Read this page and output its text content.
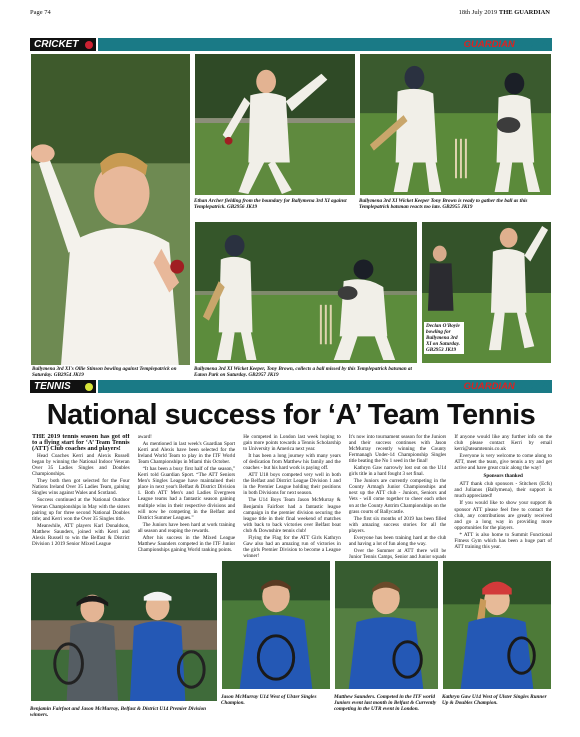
Page 74	18th July 2019 THE GUARDIAN
CRICKET	GUARDIAN SPORT
Ballymena 3rd XI's Ollie Stinson bowling against Templepatrick on Saturday. GB2954 JK19
Ethan Archer fielding from the boundary for Ballymena 3rd XI against Templepatrick. GB2956 JK19
Ballymena 3rd XI Wicket Keeper Tony Brown is ready to gather the ball as this Templepatrick batsman reacts too late. GB2955 JK19
Ballymena 3rd XI Wicket Keeper, Tony Brown, collects a ball missed by this Templepatrick batsman at Eaton Park on Saturday. GB2957 JK19
Declan O'Boyle bowling for Ballymena 3rd XI on Saturday. GB2953 JK19
TENNIS	GUARDIAN SPORT
National success for ‘A’ Team Tennis

THE 2019 tennis season has got off to a flying start for ‘A’ Team Tennis (ATT) Club coaches and players!

Head Coaches Kerri and Alexis Russell began by winning the National Indoor Veteran Over 35 Ladies Singles and Doubles Championships.

They both then got selected for the Four Nations Ireland Over 35 Ladies Team, gaining Singles wins against Wales and Scotland.

Success continued at the National Outdoor Veteran Championships in May with the sisters pairing up for three second National Doubles title; and Kerri won the Over 35 Singles title.

Meanwhile, ATT players Karl Donaldson, Matthew Saunders, joined with Kerri and Alexis Russell to win the Belfast & District Division 1 2019 Senior Mixed League

award!

As mentioned in last week's Guardian Sport Kerri and Alexis have been selected for the Ireland World Team to play in the ITF World Team Championships in Miami this October.

“It has been a busy first half of the season,” Kerri told Guardian Sport. “The ATT Seniors Men's Singles League have maintained their place in next year's Belfast & District Division 1. Both ATT Men's and Ladies Evergreen League teams had a fantastic season gaining multiple wins in their respective divisions and will now be competing in the Belfast and District Summer Leagues.”

The Juniors have been hard at work training all season and reaping the rewards.

After his success in the Mixed League Matthew Saunders competed in the ITF Junior Championships gaining World ranking points.

He competed in London last week hoping to gain more points towards a Tennis Scholarship to University in America next year.

It has been a long journey with many years of dedication from Matthew his family and the coaches - but his hard work is paying off.

ATT U18 boys competed very well in both the Belfast and District League Division 1 and in the Premier League holding their positions in both Divisions for next season.

The U14 Boys Team Jason McMurray & Benjamin Fairfoot had a fantastic league campaign in the premier division securing the league title in their final weekend of matches with back to back victories over Belfast boat club & Downshire tennis club!

Flying the Flag for the ATT Girls Kathryn Gaw also had an amazing run of victories in the girls Premier Division to become a League winner!

It's now into tournament season for the Juniors and their success continues with Jason McMurray recently winning the County Fermanagh Under-14 Championship Singles title beating the No 1 seed in the final!

Kathryn Gaw narrowly lost out on the U14 girls title in a hard fought 3 set final.

The Juniors are currently competing in the County Armagh Junior Championships and next up the ATT club - Juniors, Seniors and Vets - will come together to cheer each other on at the County Antrim Championships on the grass courts of Ballycastle.

The first six months of 2019 has been filled with amazing success stories for all the players.

Everyone has been training hard at the club and having a lot of fun along the way.

Over the Summer at ATT there will be Junior Tennis Camps, Senior and Junior squads

If anyone would like any further info on the club please contact Kerri by email kerri@ateamtennis.co.uk

Everyone is very welcome to come along to ATT, meet the team, give tennis a try and get active and have great craic along the way!

Sponsors thanked

ATT thank club sponsors - Stitchers (Ecfs) and Julianos (Ballymena), their support is much appreciated!

If you would like to show your support & sponsor ATT please feel free to contact the club, any contributions are greatly received and go a long way in providing more opportunities for the players.

* ATT is also home to Summit Functional Fitness Gym which has been a huge part of ATT training this year.

Benjamin Fairfoot and Jason McMurray, Belfast & District U14 Premier Division winners.
Jason McMurray U14 West of Ulster Singles Champion.
Matthew Saunders. Competed in the ITF world Juniors event last month in Belfast & Currently competing in the UTR event in London.
Kathryn Gaw U14 West of Ulster Singles Runner Up & Doubles Champion.
